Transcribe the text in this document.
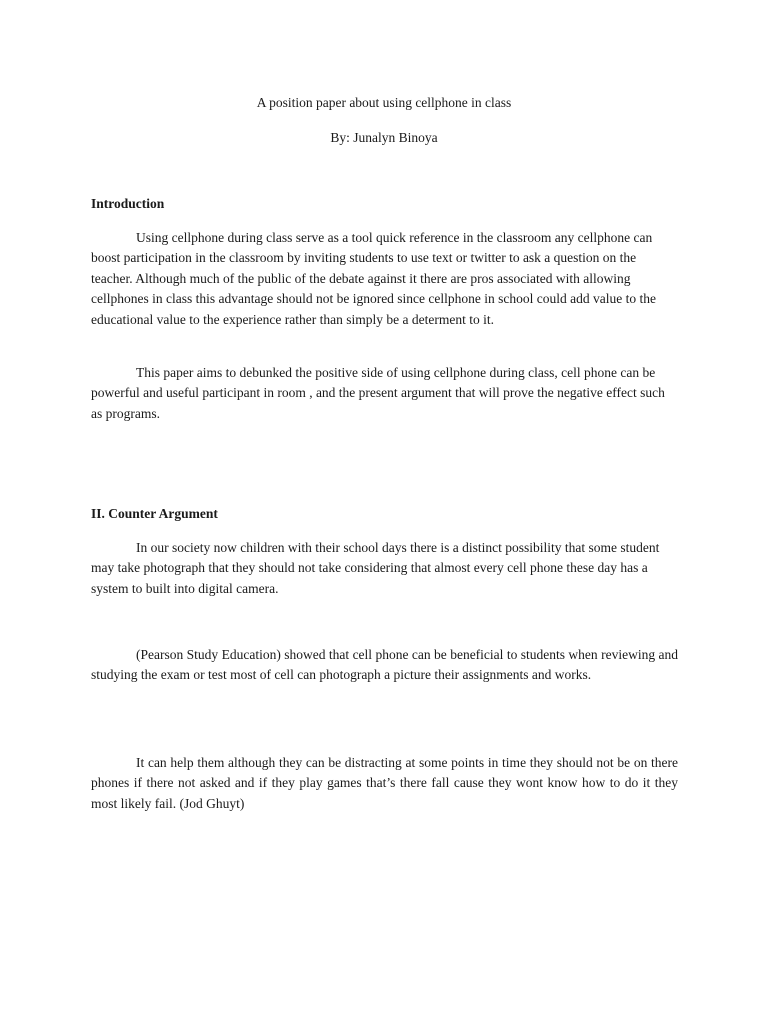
A position paper about using cellphone in class
By: Junalyn Binoya
Introduction
Using cellphone during class serve as a tool quick reference in the classroom any cellphone can boost participation in the classroom by inviting students to use text or twitter to ask a question on the teacher. Although much of the public of the debate against it there are pros associated with allowing cellphones in class this advantage should not be ignored since cellphone in school could add value to the educational value to the experience rather than simply be a determent to it.
This paper aims to debunked the positive side of using cellphone during class, cell phone can be powerful and useful participant in room , and the present argument that will prove the negative effect such as programs.
II. Counter Argument
In our society now children with their school days there is a distinct possibility that some student may take photograph that they should not take considering that almost every cell phone these day has a system to built into digital camera.
(Pearson Study Education) showed that cell phone can be beneficial to students when reviewing and studying the exam or test most of cell can photograph a picture their assignments and works.
It can help them although they can be distracting at some points in time they should not be on there phones if there not asked and if they play games that’s there fall cause they wont know how to do it they most likely fail. (Jod Ghuyt)
